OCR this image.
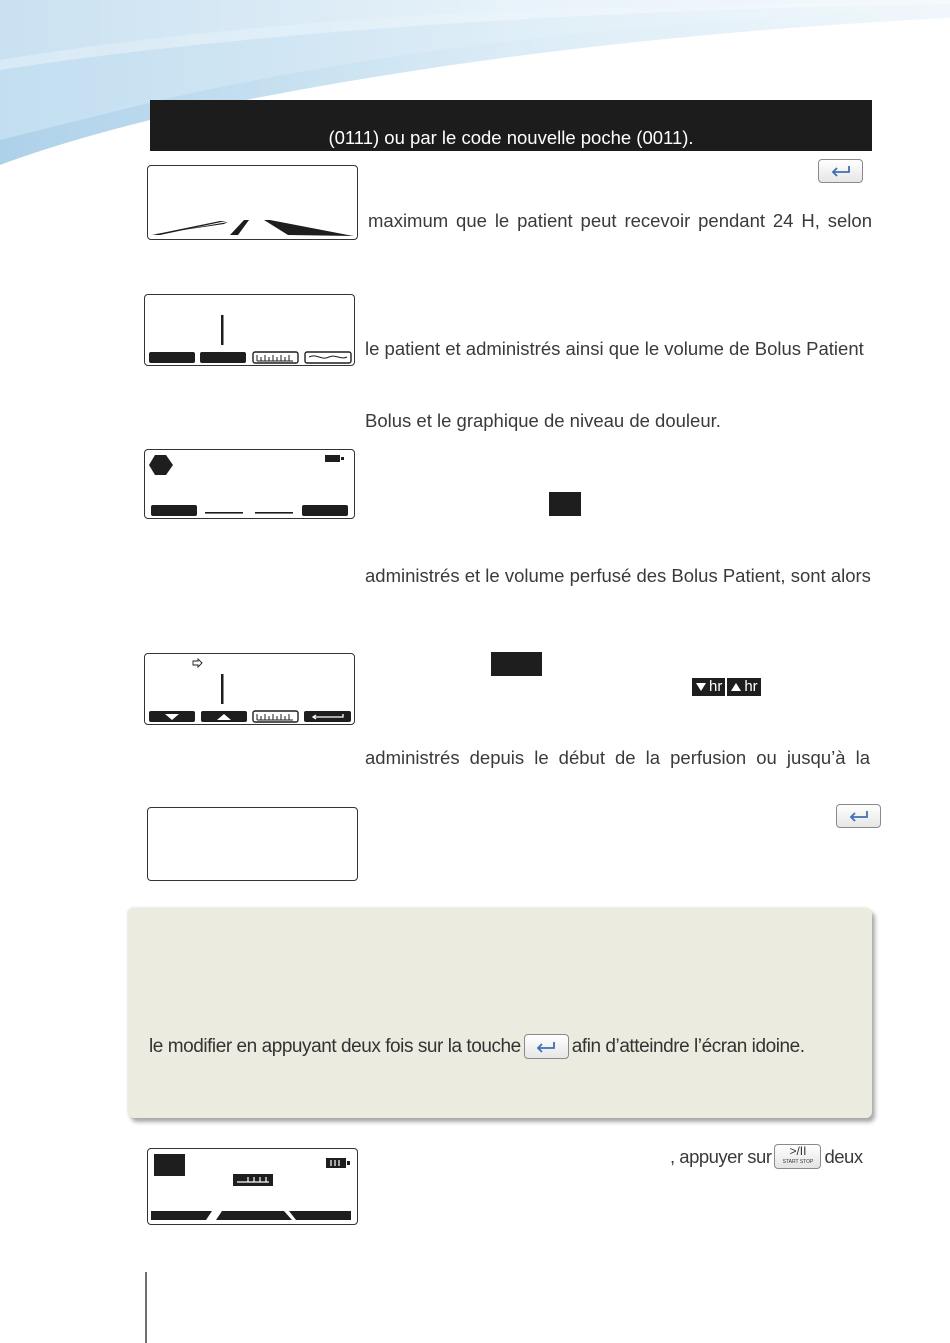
(0111) ou par le code nouvelle poche (0011).
maximum que le patient peut recevoir pendant 24 H, selon
le patient et administrés ainsi que le volume de Bolus Patient
Bolus et le graphique de niveau de douleur.
administrés et le volume perfusé des Bolus Patient, sont alors
hr hr
administrés depuis le début de la perfusion ou jusqu’à la
le modifier en appuyant deux fois sur la touche	afin d’atteindre l’écran idoine.
, appuyer sur	>/II
START STOP deux
